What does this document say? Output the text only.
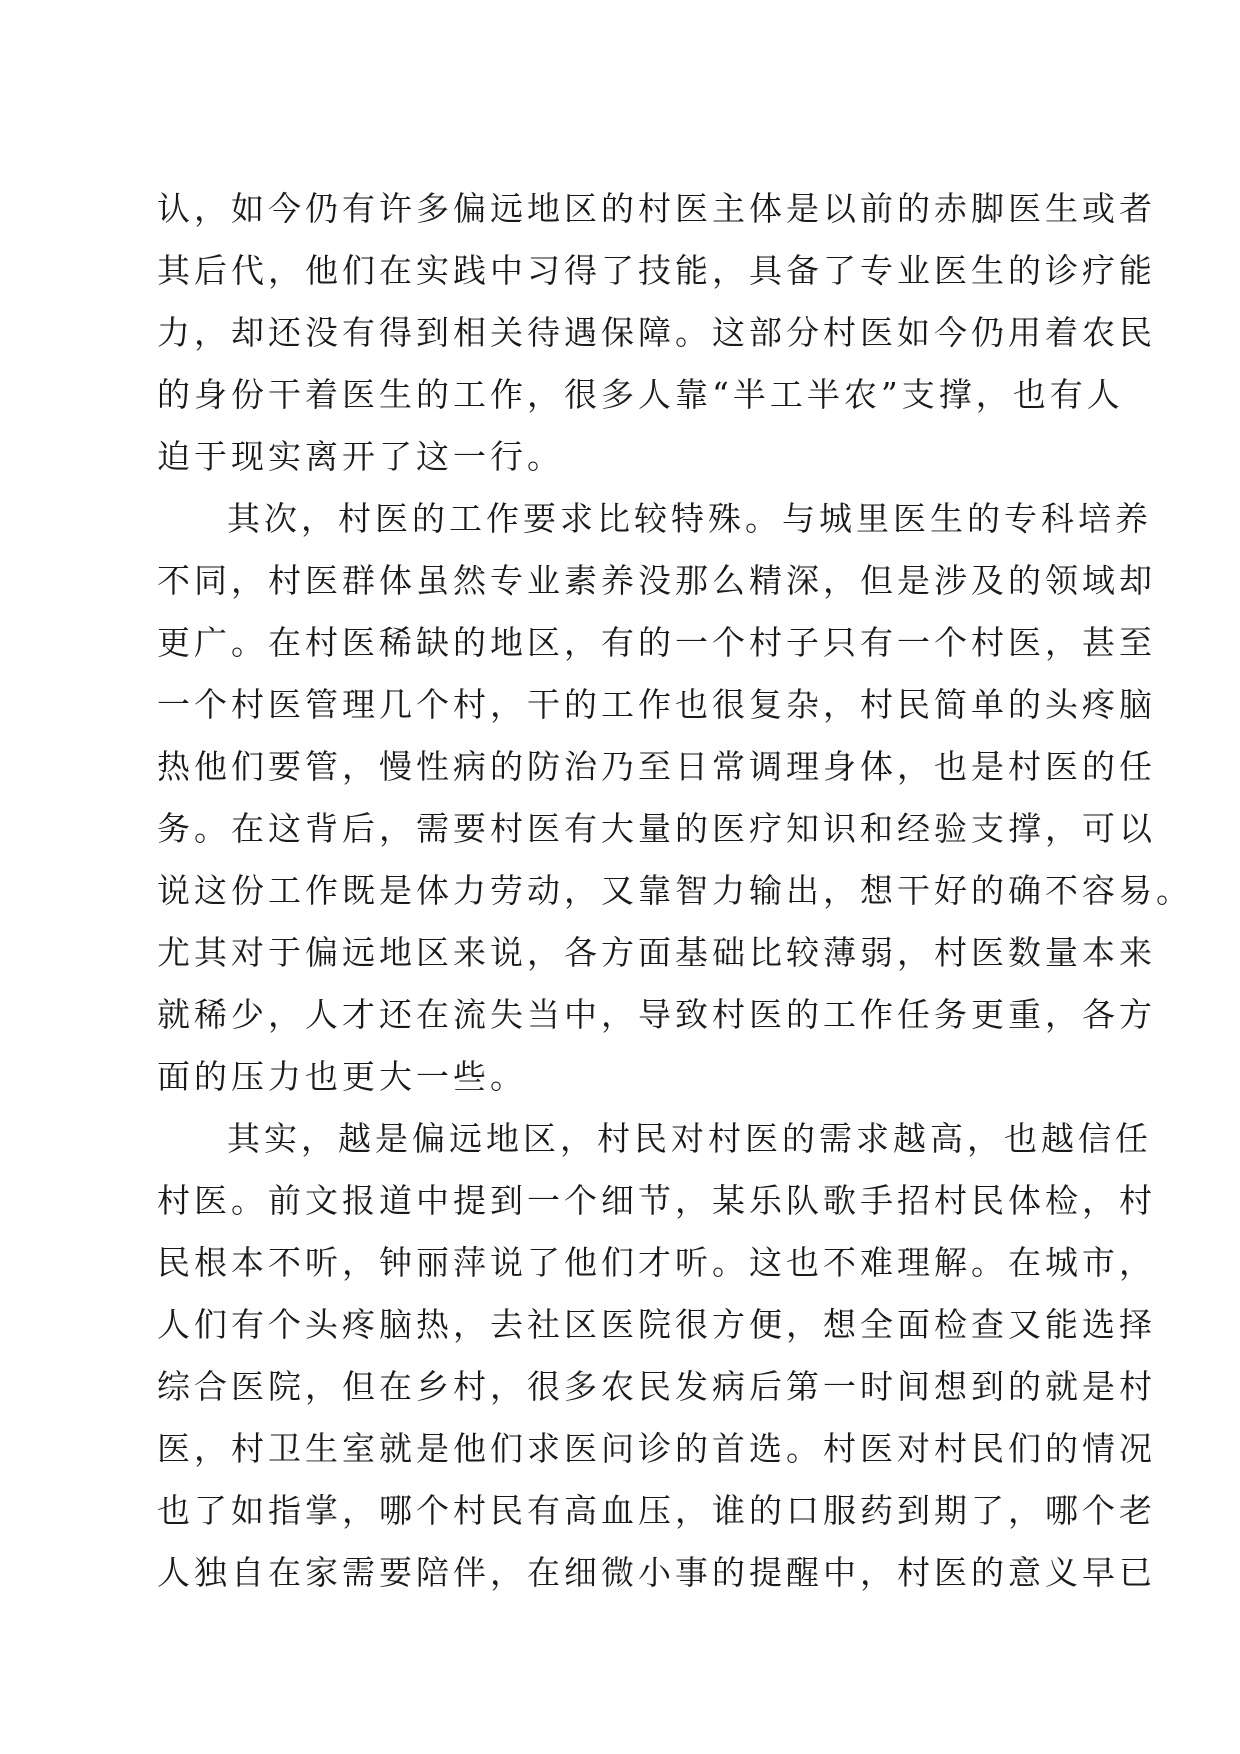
认，如今仍有许多偏远地区的村医主体是以前的赤脚医生或者
其后代，他们在实践中习得了技能，具备了专业医生的诊疗能
力，却还没有得到相关待遇保障。这部分村医如今仍用着农民
的身份干着医生的工作，很多人靠“半工半农”支撑，也有人
迫于现实离开了这一行。
其次，村医的工作要求比较特殊。与城里医生的专科培养
不同，村医群体虽然专业素养没那么精深，但是涉及的领域却
更广。在村医稀缺的地区，有的一个村子只有一个村医，甚至
一个村医管理几个村，干的工作也很复杂，村民简单的头疼脑
热他们要管，慢性病的防治乃至日常调理身体，也是村医的任
务。在这背后，需要村医有大量的医疗知识和经验支撑，可以
说这份工作既是体力劳动，又靠智力输出，想干好的确不容易。
尤其对于偏远地区来说，各方面基础比较薄弱，村医数量本来
就稀少，人才还在流失当中，导致村医的工作任务更重，各方
面的压力也更大一些。
其实，越是偏远地区，村民对村医的需求越高，也越信任
村医。前文报道中提到一个细节，某乐队歌手招村民体检，村
民根本不听，钟丽萍说了他们才听。这也不难理解。在城市，
人们有个头疼脑热，去社区医院很方便，想全面检查又能选择
综合医院，但在乡村，很多农民发病后第一时间想到的就是村
医，村卫生室就是他们求医问诊的首选。村医对村民们的情况
也了如指掌，哪个村民有高血压，谁的口服药到期了，哪个老
人独自在家需要陪伴，在细微小事的提醒中，村医的意义早已
